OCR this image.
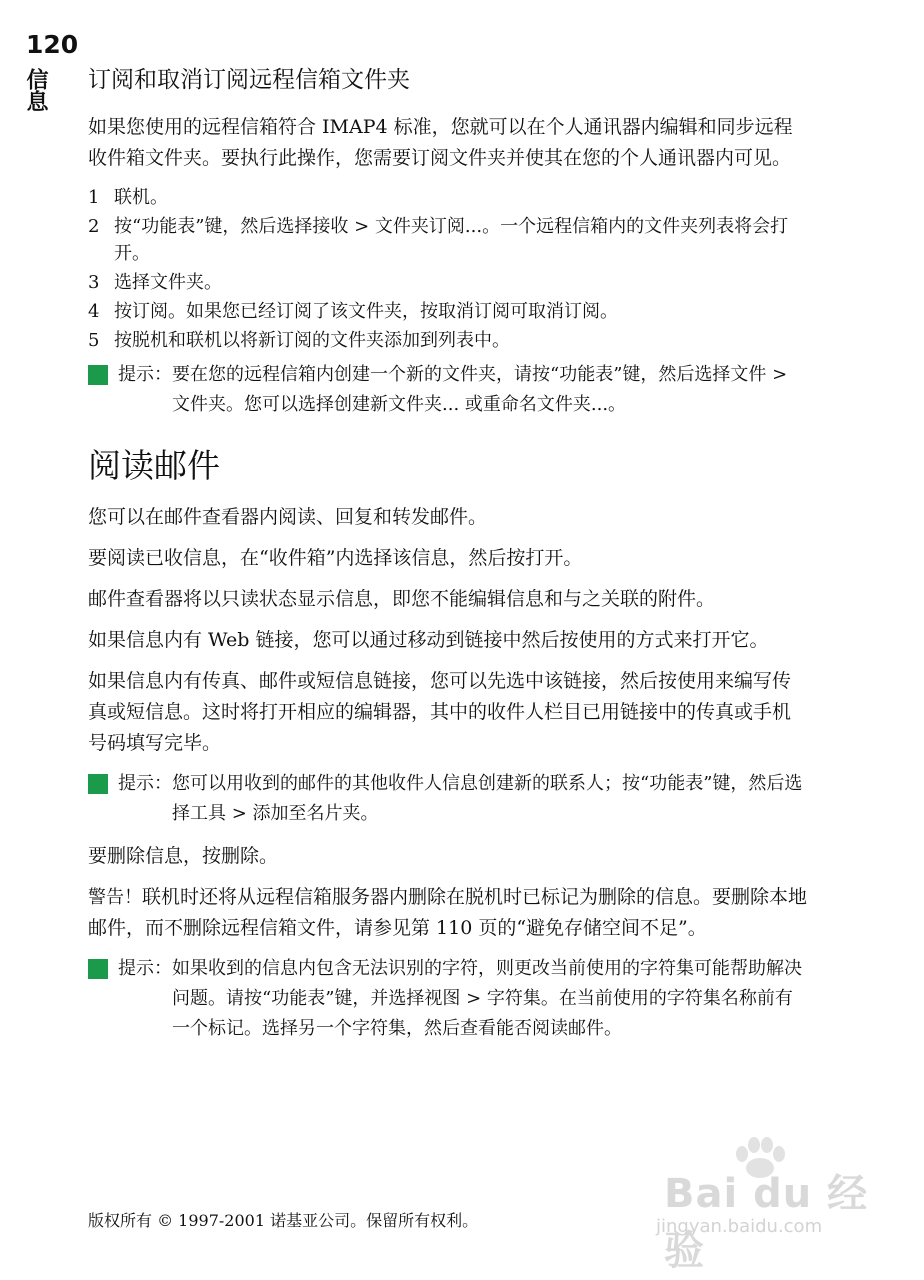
120
信息 订阅和取消订阅远程信箱文件夹

如果您使用的远程信箱符合 IMAP4 标准，您就可以在个人通讯器内编辑和同步远程收件箱文件夹。要执行此操作，您需要订阅文件夹并使其在您的个人通讯器内可见。

1 联机。
2 按“功能表”键，然后选择接收 > 文件夹订阅...。一个远程信箱内的文件夹列表将会打开。
3 选择文件夹。
4 按订阅。如果您已经订阅了该文件夹，按取消订阅可取消订阅。
5 按脱机和联机以将新订阅的文件夹添加到列表中。
提示： 要在您的远程信箱内创建一个新的文件夹，请按“功能表”键，然后选择文件 > 文件夹。您可以选择创建新文件夹... 或重命名文件夹...。
阅读邮件

您可以在邮件查看器内阅读、回复和转发邮件。

要阅读已收信息，在“收件箱”内选择该信息，然后按打开。

邮件查看器将以只读状态显示信息，即您不能编辑信息和与之关联的附件。

如果信息内有 Web 链接，您可以通过移动到链接中然后按使用的方式来打开它。

如果信息内有传真、邮件或短信息链接，您可以先选中该链接，然后按使用来编写传真或短信息。这时将打开相应的编辑器，其中的收件人栏目已用链接中的传真或手机号码填写完毕。

提示： 您可以用收到的邮件的其他收件人信息创建新的联系人；按“功能表”键，然后选择工具 > 添加至名片夹。

要删除信息，按删除。

警告！联机时还将从远程信箱服务器内删除在脱机时已标记为删除的信息。要删除本地邮件，而不删除远程信箱文件，请参见第 110 页的“避免存储空间不足”。

提示： 如果收到的信息内包含无法识别的字符，则更改当前使用的字符集可能帮助解决问题。请按“功能表”键，并选择视图 > 字符集。在当前使用的字符集名称前有一个标记。选择另一个字符集，然后查看能否阅读邮件。
版权所有 © 1997-2001 诺基亚公司。保留所有权利。
Bai du 经验
jingyan.baidu.com
